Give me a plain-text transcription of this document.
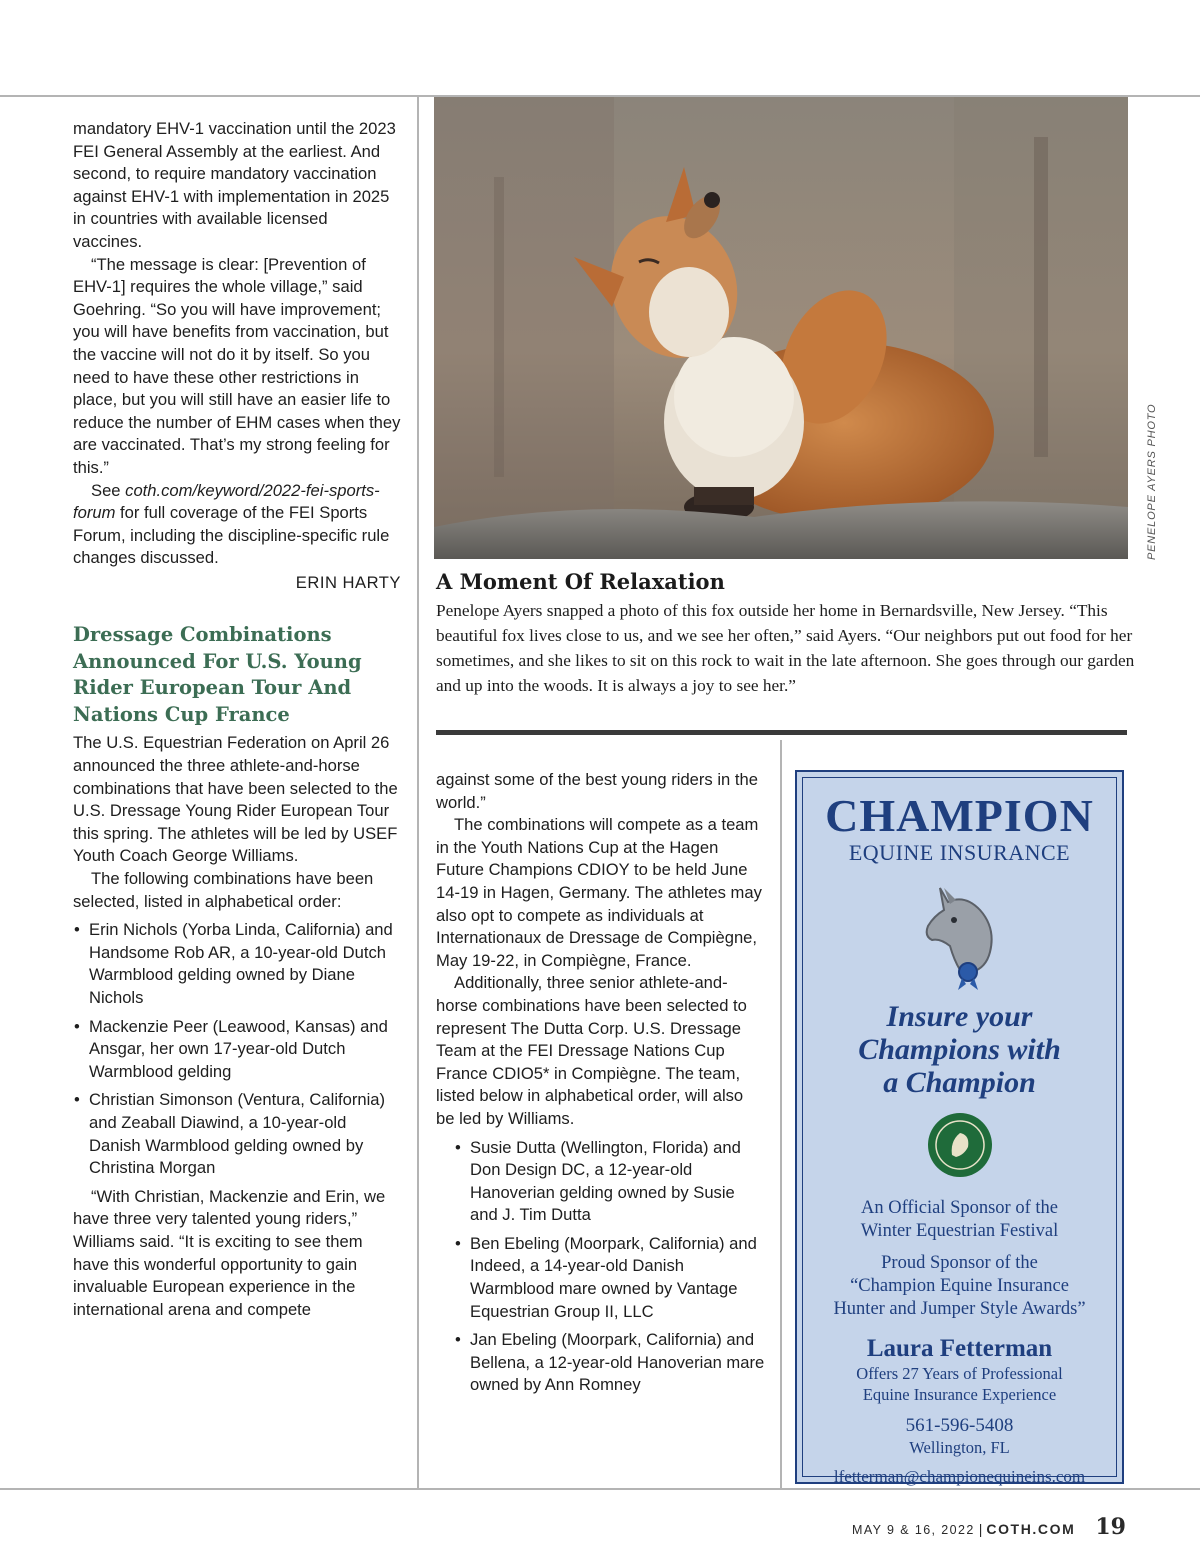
mandatory EHV-1 vaccination until the 2023 FEI General Assembly at the earliest. And second, to require mandatory vaccination against EHV-1 with implementation in 2025 in countries with available licensed vaccines.

“The message is clear: [Prevention of EHV-1] requires the whole village,” said Goehring. “So you will have improvement; you will have benefits from vaccination, but the vaccine will not do it by itself. So you need to have these other restrictions in place, but you will still have an easier life to reduce the number of EHM cases when they are vaccinated. That’s my strong feeling for this.”

See coth.com/keyword/2022-fei-sports-forum for full coverage of the FEI Sports Forum, including the discipline-specific rule changes discussed.

ERIN HARTY

Dressage Combinations Announced For U.S. Young Rider European Tour And Nations Cup France

The U.S. Equestrian Federation on April 26 announced the three athlete-and-horse combinations that have been selected to the U.S. Dressage Young Rider European Tour this spring. The athletes will be led by USEF Youth Coach George Williams.

The following combinations have been selected, listed in alphabetical order:

• Erin Nichols (Yorba Linda, California) and Handsome Rob AR, a 10-year-old Dutch Warmblood gelding owned by Diane Nichols
• Mackenzie Peer (Leawood, Kansas) and Ansgar, her own 17-year-old Dutch Warmblood gelding
• Christian Simonson (Ventura, California) and Zeaball Diawind, a 10-year-old Danish Warmblood gelding owned by Christina Morgan

“With Christian, Mackenzie and Erin, we have three very talented young riders,” Williams said. “It is exciting to see them have this wonderful opportunity to gain invaluable European experience in the international arena and compete

PENELOPE AYERS PHOTO
A Moment Of Relaxation

Penelope Ayers snapped a photo of this fox outside her home in Bernardsville, New Jersey. “This beautiful fox lives close to us, and we see her often,” said Ayers. “Our neighbors put out food for her sometimes, and she likes to sit on this rock to wait in the late afternoon. She goes through our garden and up into the woods. It is always a joy to see her.”

against some of the best young riders in the world.”

The combinations will compete as a team in the Youth Nations Cup at the Hagen Future Champions CDIOY to be held June 14-19 in Hagen, Germany. The athletes may also opt to compete as individuals at Internationaux de Dressage de Compiègne, May 19-22, in Compiègne, France.

Additionally, three senior athlete-and-horse combinations have been selected to represent The Dutta Corp. U.S. Dressage Team at the FEI Dressage Nations Cup France CDIO5* in Compiègne. The team, listed below in alphabetical order, will also be led by Williams.

• Susie Dutta (Wellington, Florida) and Don Design DC, a 12-year-old Hanoverian gelding owned by Susie and J. Tim Dutta
• Ben Ebeling (Moorpark, California) and Indeed, a 14-year-old Danish Warmblood mare owned by Vantage Equestrian Group II, LLC
• Jan Ebeling (Moorpark, California) and Bellena, a 12-year-old Hanoverian mare owned by Ann Romney

CHAMPION

EQUINE INSURANCE

Insure your

Champions with

a Champion

An Official Sponsor of the

Winter Equestrian Festival

Proud Sponsor of the

“Champion Equine Insurance

Hunter and Jumper Style Awards”

Laura Fetterman

Offers 27 Years of Professional

Equine Insurance Experience

561-596-5408

Wellington, FL

lfetterman@championequineins.com

MAY 9 & 16, 2022 | COTH.COM 19
